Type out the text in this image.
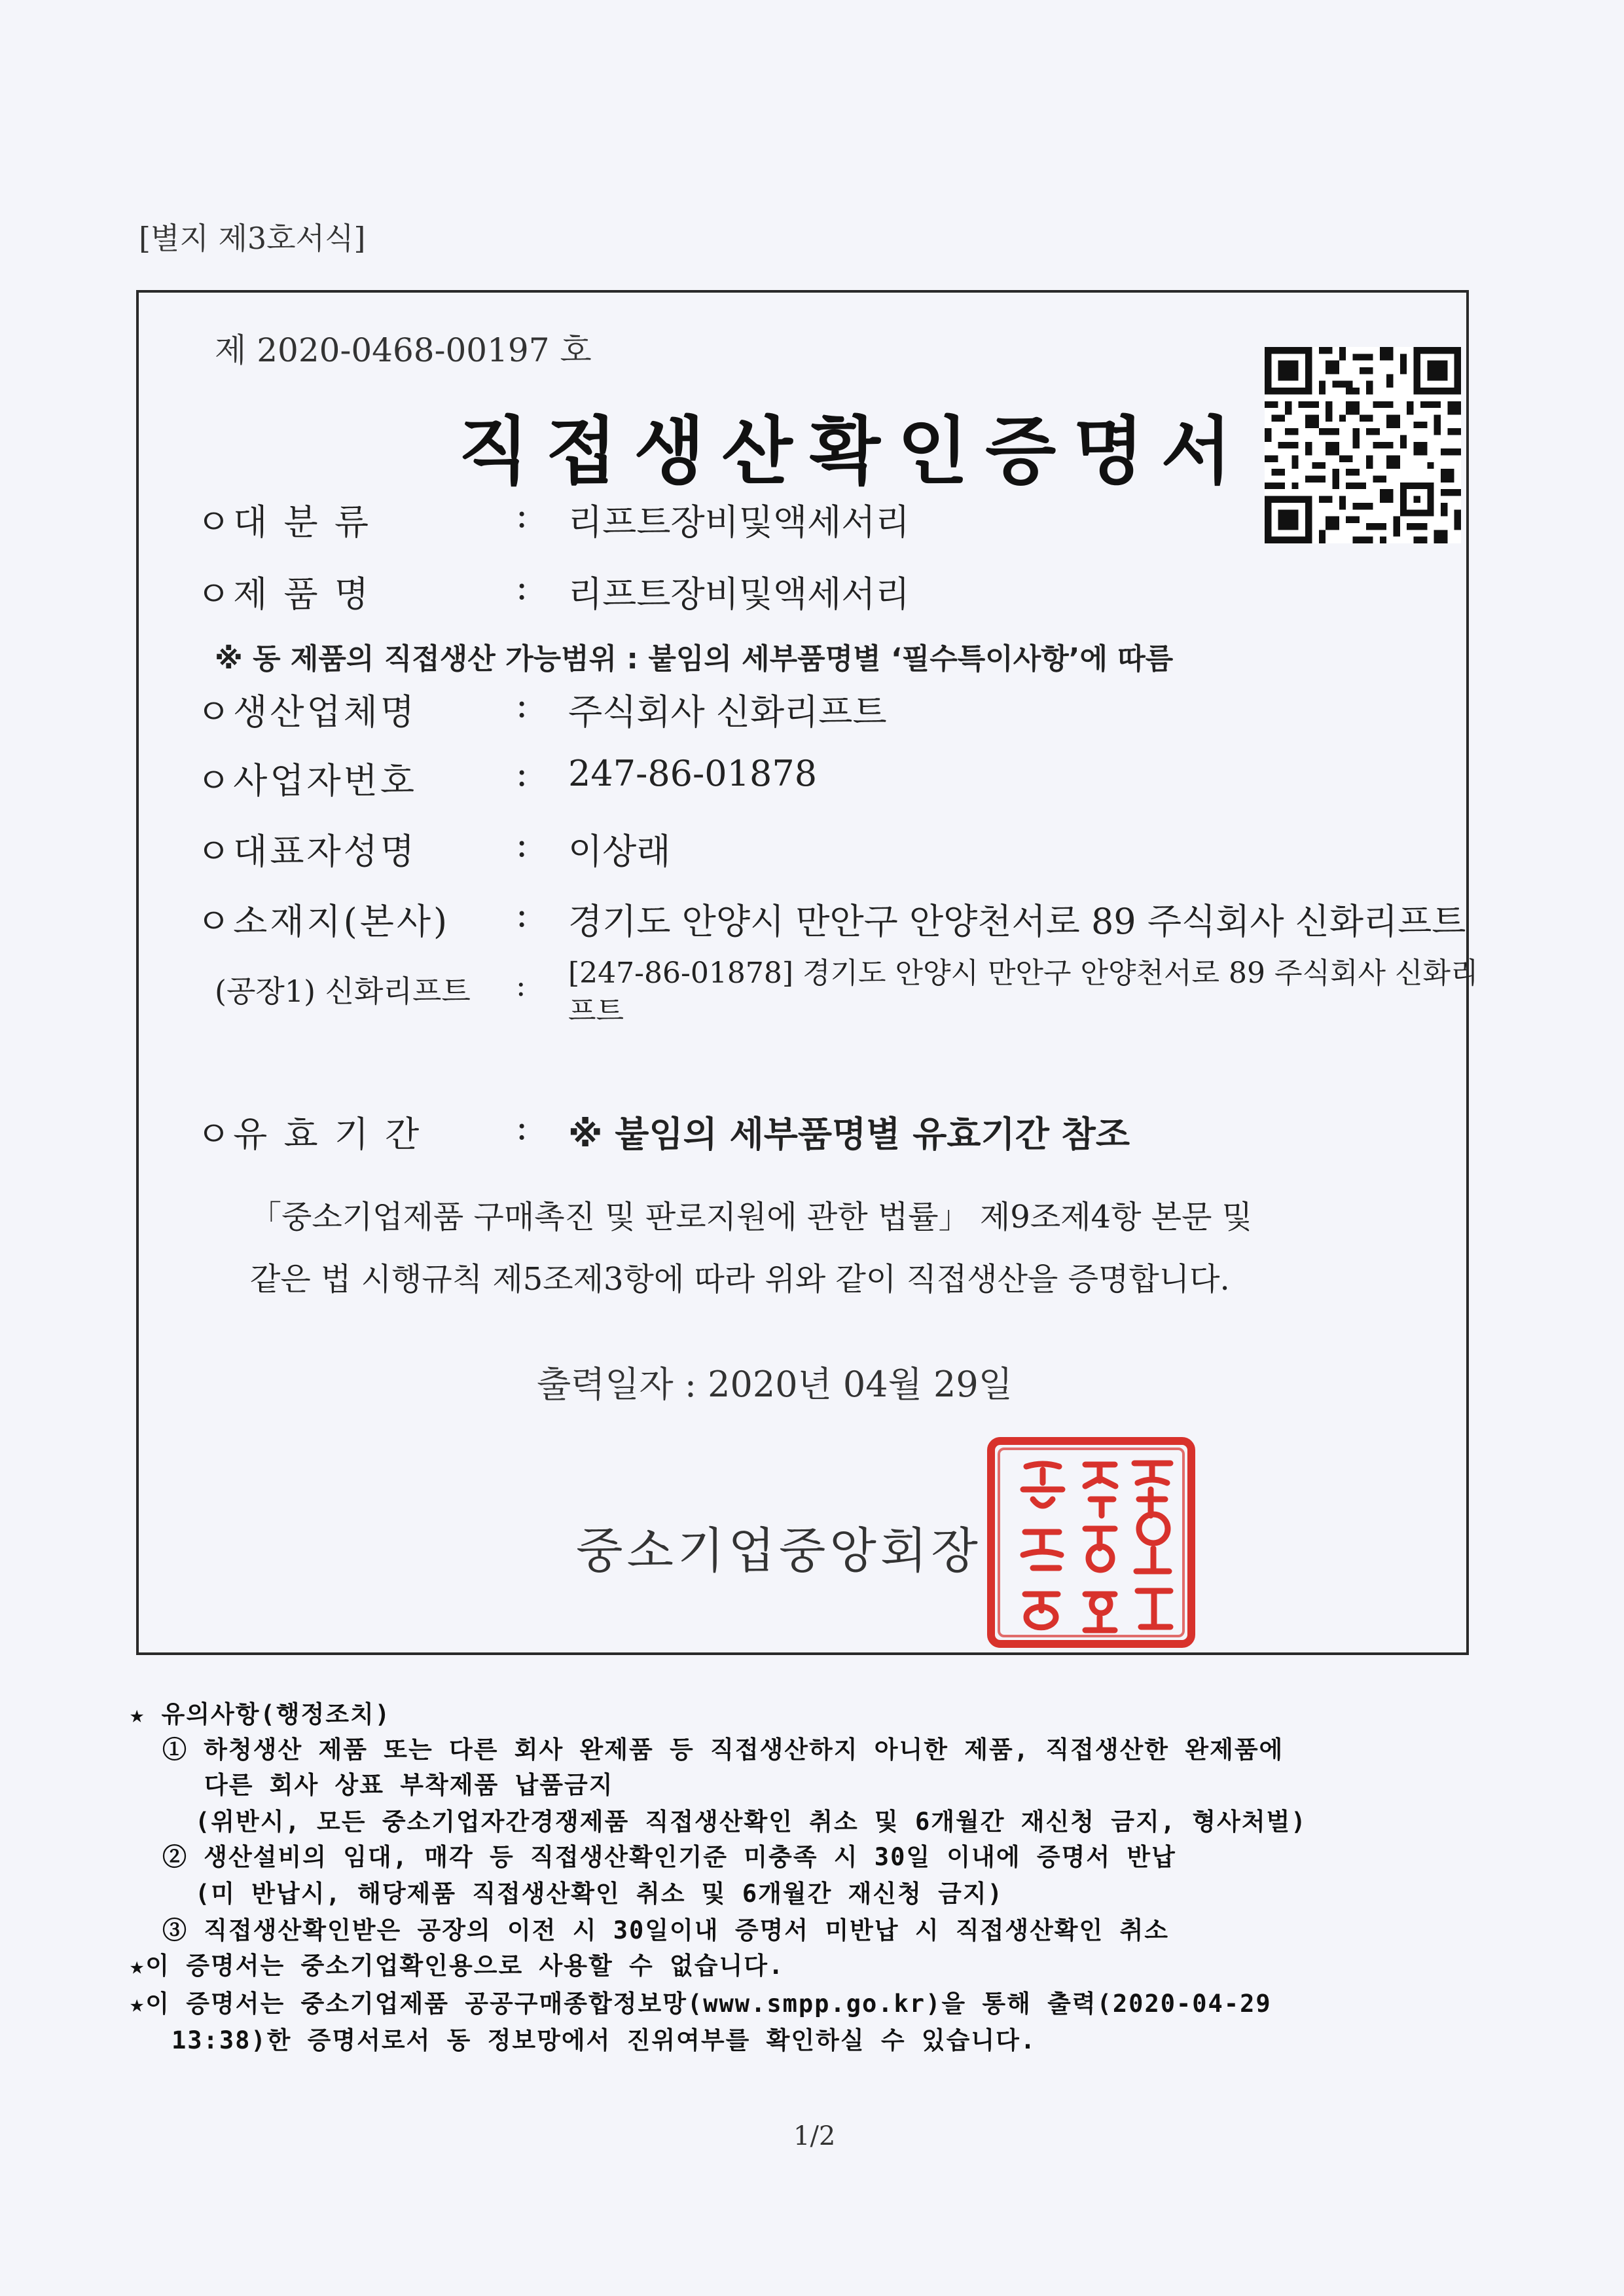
[별지 제3호서식]
제 2020-0468-00197 호
직접생산확인증명서
ㅇ대 분 류	: 리프트장비및액세서리
ㅇ제 품 명	: 리프트장비및액세서리
※ 동 제품의 직접생산 가능범위 : 붙임의 세부품명별 ‘필수특이사항’에 따름
ㅇ생산업체명	: 주식회사 신화리프트
ㅇ사업자번호	: 247-86-01878
ㅇ대표자성명	: 이상래
ㅇ소재지(본사) : 경기도 안양시 만안구 안양천서로 89 주식회사 신화리프트
(공장1) 신화리프트 : [247-86-01878] 경기도 안양시 만안구 안양천서로 89 주식회사 신화리프트
ㅇ유 효 기 간	: ※ 붙임의 세부품명별 유효기간 참조
「중소기업제품 구매촉진 및 판로지원에 관한 법률」 제9조제4항 본문 및
같은 법 시행규칙 제5조제3항에 따라 위와 같이 직접생산을 증명합니다.
출력일자 : 2020년 04월 29일
중소기업중앙회장
★ 유의사항(행정조치)
① 하청생산 제품 또는 다른 회사 완제품 등 직접생산하지 아니한 제품, 직접생산한 완제품에
다른 회사 상표 부착제품 납품금지
(위반시, 모든 중소기업자간경쟁제품 직접생산확인 취소 및 6개월간 재신청 금지, 형사처벌)
② 생산설비의 임대, 매각 등 직접생산확인기준 미충족 시 30일 이내에 증명서 반납
(미 반납시, 해당제품 직접생산확인 취소 및 6개월간 재신청 금지)
③ 직접생산확인받은 공장의 이전 시 30일이내 증명서 미반납 시 직접생산확인 취소
★이 증명서는 중소기업확인용으로 사용할 수 없습니다.
★이 증명서는 중소기업제품 공공구매종합정보망(www.smpp.go.kr)을 통해 출력(2020-04-29
13:38)한 증명서로서 동 정보망에서 진위여부를 확인하실 수 있습니다.
1/2
